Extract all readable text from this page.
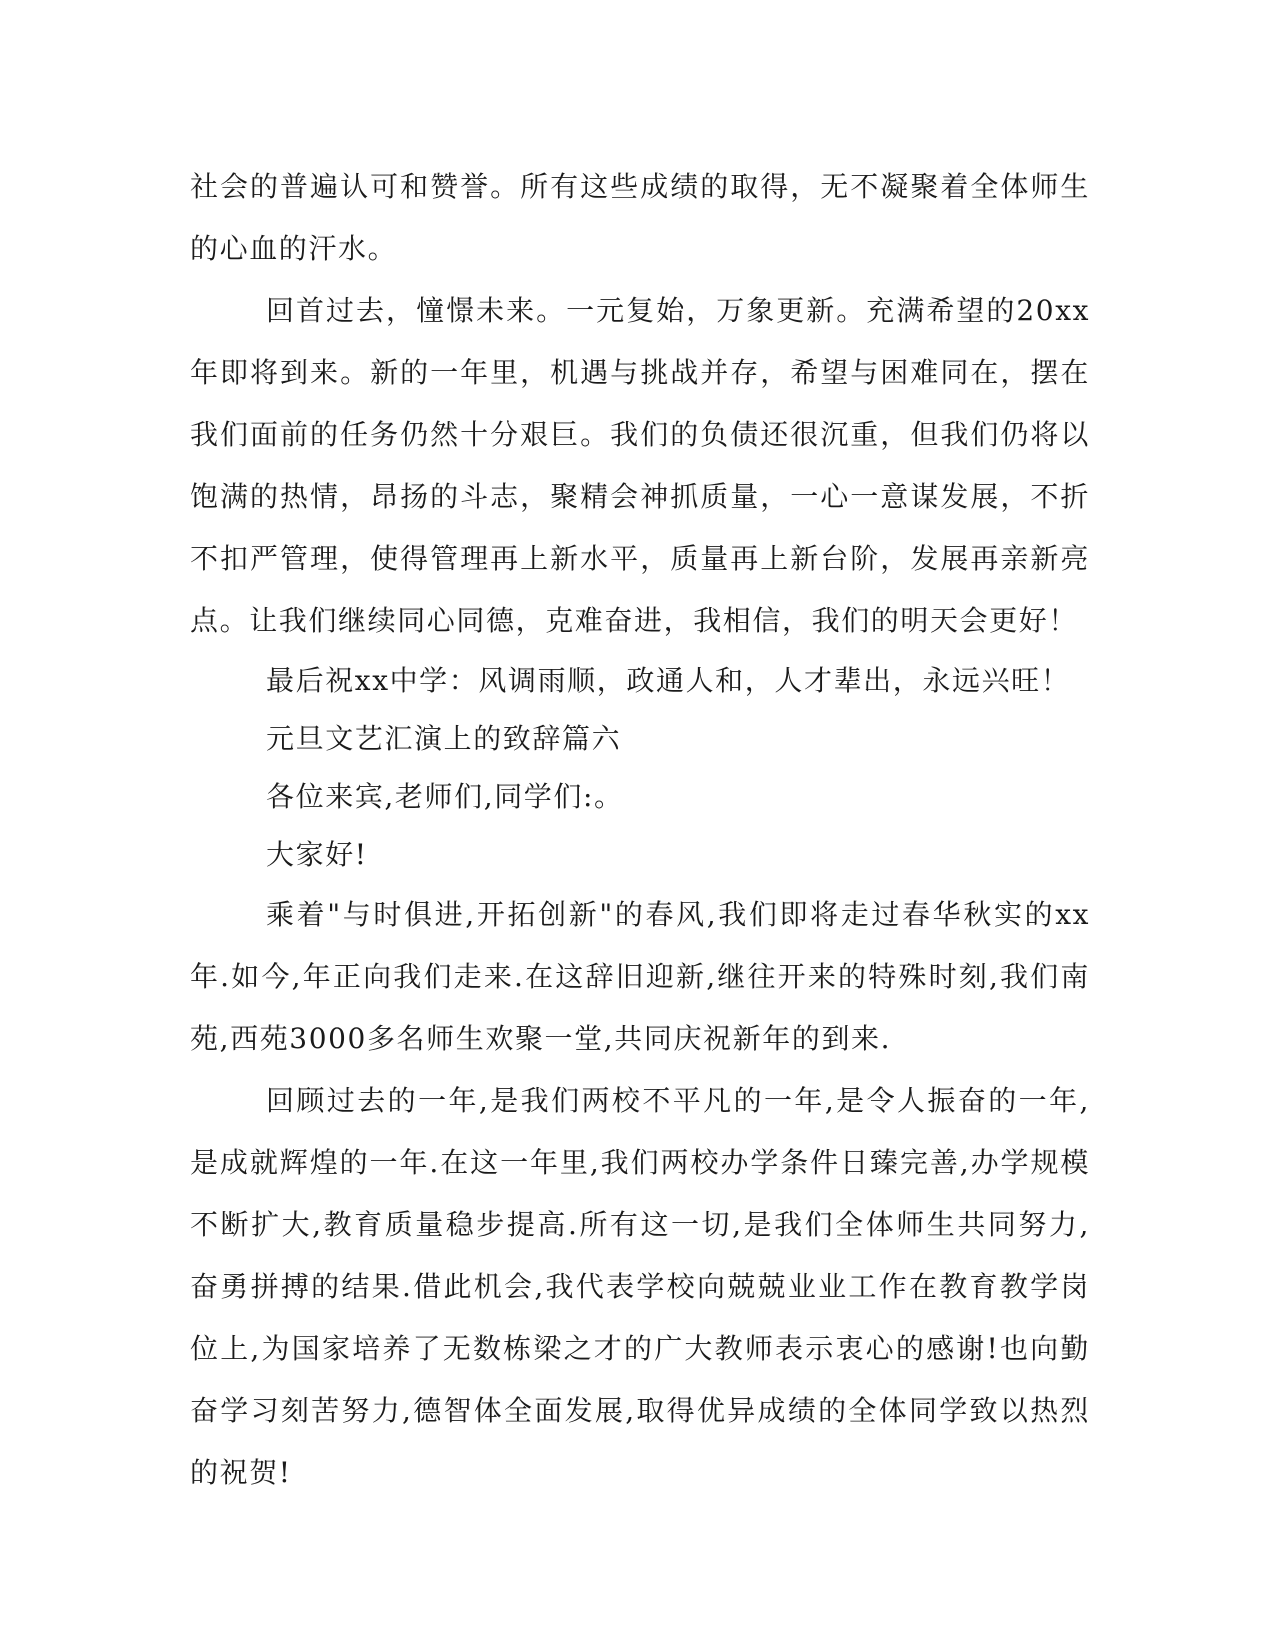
社会的普遍认可和赞誉。所有这些成绩的取得，无不凝聚着全体师生的心血的汗水。

回首过去，憧憬未来。一元复始，万象更新。充满希望的20xx年即将到来。新的一年里，机遇与挑战并存，希望与困难同在，摆在我们面前的任务仍然十分艰巨。我们的负债还很沉重，但我们仍将以饱满的热情，昂扬的斗志，聚精会神抓质量，一心一意谋发展，不折不扣严管理，使得管理再上新水平，质量再上新台阶，发展再亲新亮点。让我们继续同心同德，克难奋进，我相信，我们的明天会更好！

最后祝xx中学：风调雨顺，政通人和，人才辈出，永远兴旺！

元旦文艺汇演上的致辞篇六

各位来宾,老师们,同学们:。

大家好!

乘着"与时俱进,开拓创新"的春风,我们即将走过春华秋实的xx年.如今,年正向我们走来.在这辞旧迎新,继往开来的特殊时刻,我们南苑,西苑3000多名师生欢聚一堂,共同庆祝新年的到来.

回顾过去的一年,是我们两校不平凡的一年,是令人振奋的一年,是成就辉煌的一年.在这一年里,我们两校办学条件日臻完善,办学规模不断扩大,教育质量稳步提高.所有这一切,是我们全体师生共同努力,奋勇拼搏的结果.借此机会,我代表学校向兢兢业业工作在教育教学岗位上,为国家培养了无数栋梁之才的广大教师表示衷心的感谢!也向勤奋学习刻苦努力,德智体全面发展,取得优异成绩的全体同学致以热烈的祝贺!
